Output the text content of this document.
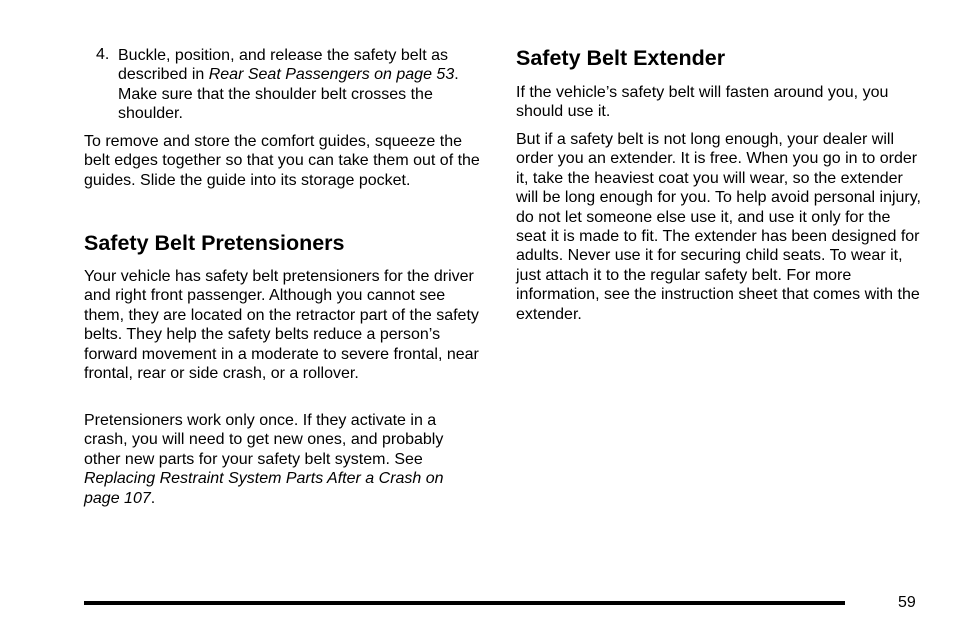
4. Buckle, position, and release the safety belt as described in Rear Seat Passengers on page 53. Make sure that the shoulder belt crosses the shoulder.

To remove and store the comfort guides, squeeze the belt edges together so that you can take them out of the guides. Slide the guide into its storage pocket.

Safety Belt Pretensioners

Your vehicle has safety belt pretensioners for the driver and right front passenger. Although you cannot see them, they are located on the retractor part of the safety belts. They help the safety belts reduce a person’s forward movement in a moderate to severe frontal, near frontal, rear or side crash, or a rollover.

Pretensioners work only once. If they activate in a crash, you will need to get new ones, and probably other new parts for your safety belt system. See Replacing Restraint System Parts After a Crash on page 107.

Safety Belt Extender

If the vehicle’s safety belt will fasten around you, you should use it.

But if a safety belt is not long enough, your dealer will order you an extender. It is free. When you go in to order it, take the heaviest coat you will wear, so the extender will be long enough for you. To help avoid personal injury, do not let someone else use it, and use it only for the seat it is made to fit. The extender has been designed for adults. Never use it for securing child seats. To wear it, just attach it to the regular safety belt. For more information, see the instruction sheet that comes with the extender.

59
